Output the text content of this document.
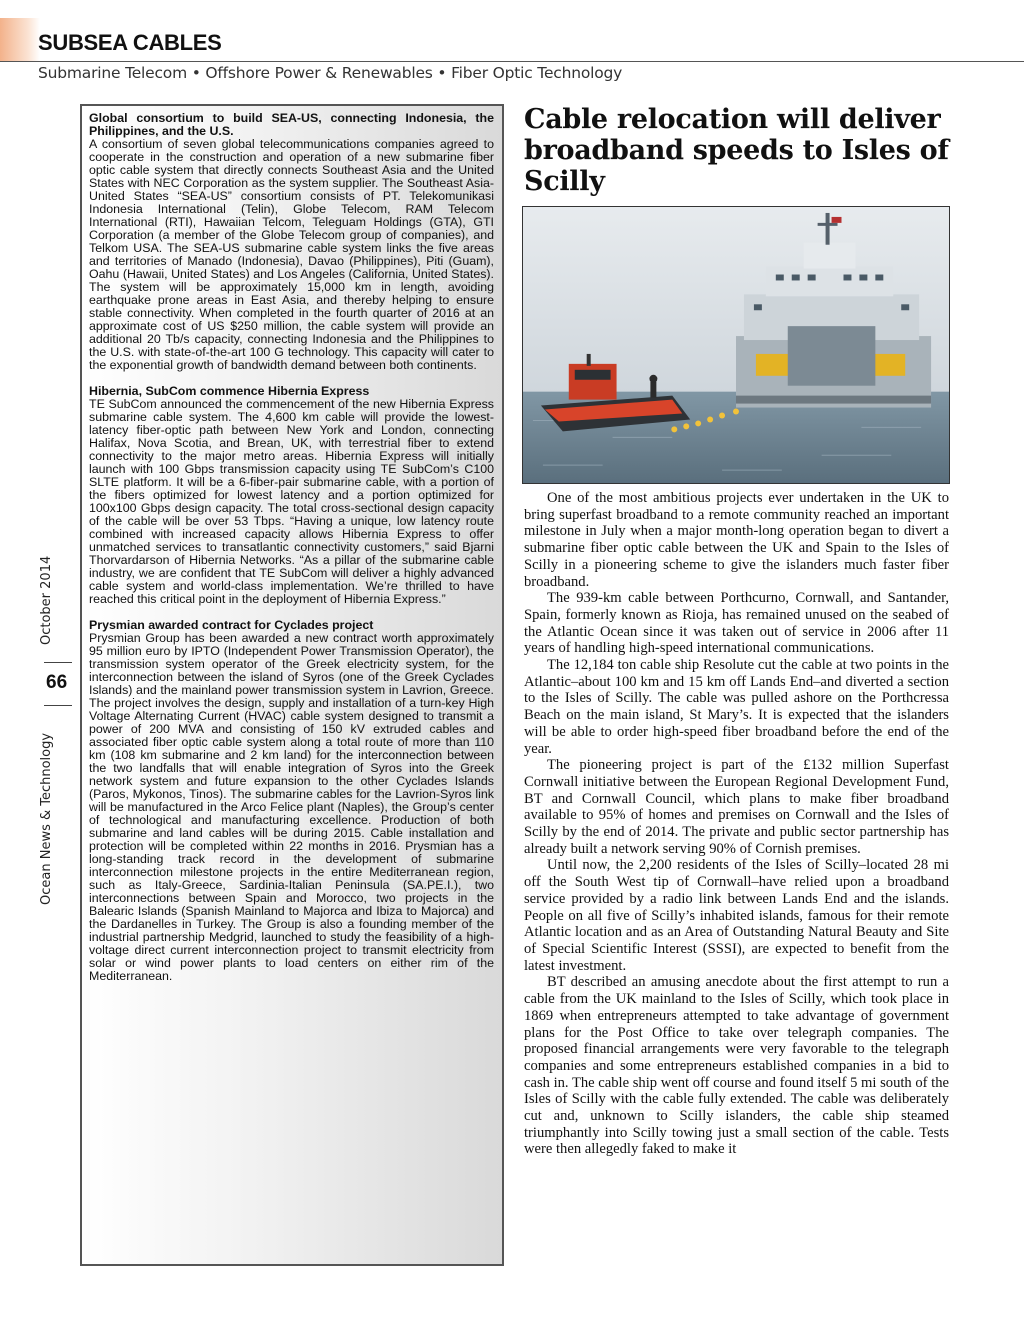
SUBSEA CABLES
Submarine Telecom • Offshore Power & Renewables • Fiber Optic Technology
October 2014
66
Ocean News & Technology
Global consortium to build SEA-US, connecting Indonesia, the Philippines, and the U.S.
A consortium of seven global telecommunications companies agreed to cooperate in the construction and operation of a new submarine fiber optic cable system that directly connects Southeast Asia and the United States with NEC Corporation as the system supplier. The Southeast Asia-United States “SEA-US” consortium consists of PT. Telekomunikasi Indonesia International (Telin), Globe Telecom, RAM Telecom International (RTI), Hawaiian Telcom, Teleguam Holdings (GTA), GTI Corporation (a member of the Globe Telecom group of companies), and Telkom USA. The SEA-US submarine cable system links the five areas and territories of Manado (Indonesia), Davao (Philippines), Piti (Guam), Oahu (Hawaii, United States) and Los Angeles (California, United States). The system will be approximately 15,000 km in length, avoiding earthquake prone areas in East Asia, and thereby helping to ensure stable connectivity. When completed in the fourth quarter of 2016 at an approximate cost of US $250 million, the cable system will provide an additional 20 Tb/s capacity, connecting Indonesia and the Philippines to the U.S. with state-of-the-art 100 G technology. This capacity will cater to the exponential growth of bandwidth demand between both continents.
Hibernia, SubCom commence Hibernia Express
TE SubCom announced the commencement of the new Hibernia Express submarine cable system. The 4,600 km cable will provide the lowest-latency fiber-optic path between New York and London, connecting Halifax, Nova Scotia, and Brean, UK, with terrestrial fiber to extend connectivity to the major metro areas. Hibernia Express will initially launch with 100 Gbps transmission capacity using TE SubCom’s C100 SLTE platform. It will be a 6-fiber-pair submarine cable, with a portion of the fibers optimized for lowest latency and a portion optimized for 100x100 Gbps design capacity. The total cross-sectional design capacity of the cable will be over 53 Tbps. “Having a unique, low latency route combined with increased capacity allows Hibernia Express to offer unmatched services to transatlantic connectivity customers,” said Bjarni Thorvardarson of Hibernia Networks. “As a pillar of the submarine cable industry, we are confident that TE SubCom will deliver a highly advanced cable system and world-class implementation. We’re thrilled to have reached this critical point in the deployment of Hibernia Express.”
Prysmian awarded contract for Cyclades project
Prysmian Group has been awarded a new contract worth approximately 95 million euro by IPTO (Independent Power Transmission Operator), the transmission system operator of the Greek electricity system, for the interconnection between the island of Syros (one of the Greek Cyclades Islands) and the mainland power transmission system in Lavrion, Greece. The project involves the design, supply and installation of a turn-key High Voltage Alternating Current (HVAC) cable system designed to transmit a power of 200 MVA and consisting of 150 kV extruded cables and associated fiber optic cable system along a total route of more than 110 km (108 km submarine and 2 km land) for the interconnection between the two landfalls that will enable integration of Syros into the Greek network system and future expansion to the other Cyclades Islands (Paros, Mykonos, Tinos). The submarine cables for the Lavrion-Syros link will be manufactured in the Arco Felice plant (Naples), the Group’s center of technological and manufacturing excellence. Production of both submarine and land cables will be during 2015. Cable installation and protection will be completed within 22 months in 2016. Prysmian has a long-standing track record in the development of submarine interconnection milestone projects in the entire Mediterranean region, such as Italy-Greece, Sardinia-Italian Peninsula (SA.PE.I.), two interconnections between Spain and Morocco, two projects in the Balearic Islands (Spanish Mainland to Majorca and Ibiza to Majorca) and the Dardanelles in Turkey. The Group is also a founding member of the industrial partnership Medgrid, launched to study the feasibility of a high-voltage direct current interconnection project to transmit electricity from solar or wind power plants to load centers on either rim of the Mediterranean.
Cable relocation will deliver broadband speeds to Isles of Scilly

One of the most ambitious projects ever undertaken in the UK to bring superfast broadband to a remote community reached an important milestone in July when a major month-long operation began to divert a submarine fiber optic cable between the UK and Spain to the Isles of Scilly in a pioneering scheme to give the islanders much faster fiber broadband.

The 939-km cable between Porthcurno, Cornwall, and Santander, Spain, formerly known as Rioja, has remained unused on the seabed of the Atlantic Ocean since it was taken out of service in 2006 after 11 years of handling high-speed international communications.

The 12,184 ton cable ship Resolute cut the cable at two points in the Atlantic–about 100 km and 15 km off Lands End–and diverted a section to the Isles of Scilly. The cable was pulled ashore on the Porthcressa Beach on the main island, St Mary’s. It is expected that the islanders will be able to order high-speed fiber broadband before the end of the year.

The pioneering project is part of the £132 million Superfast Cornwall initiative between the European Regional Development Fund, BT and Cornwall Council, which plans to make fiber broadband available to 95% of homes and premises on Cornwall and the Isles of Scilly by the end of 2014. The private and public sector partnership has already built a network serving 90% of Cornish premises.

Until now, the 2,200 residents of the Isles of Scilly–located 28 mi off the South West tip of Cornwall–have relied upon a broadband service provided by a radio link between Lands End and the islands. People on all five of Scilly’s inhabited islands, famous for their remote Atlantic location and as an Area of Outstanding Natural Beauty and Site of Special Scientific Interest (SSSI), are expected to benefit from the latest investment.

BT described an amusing anecdote about the first attempt to run a cable from the UK mainland to the Isles of Scilly, which took place in 1869 when entrepreneurs attempted to take advantage of government plans for the Post Office to take over telegraph companies. The proposed financial arrangements were very favorable to the telegraph companies and some entrepreneurs established companies in a bid to cash in. The cable ship went off course and found itself 5 mi south of the Isles of Scilly with the cable fully extended. The cable was deliberately cut and, unknown to Scilly islanders, the cable ship steamed triumphantly into Scilly towing just a small section of the cable. Tests were then allegedly faked to make it
